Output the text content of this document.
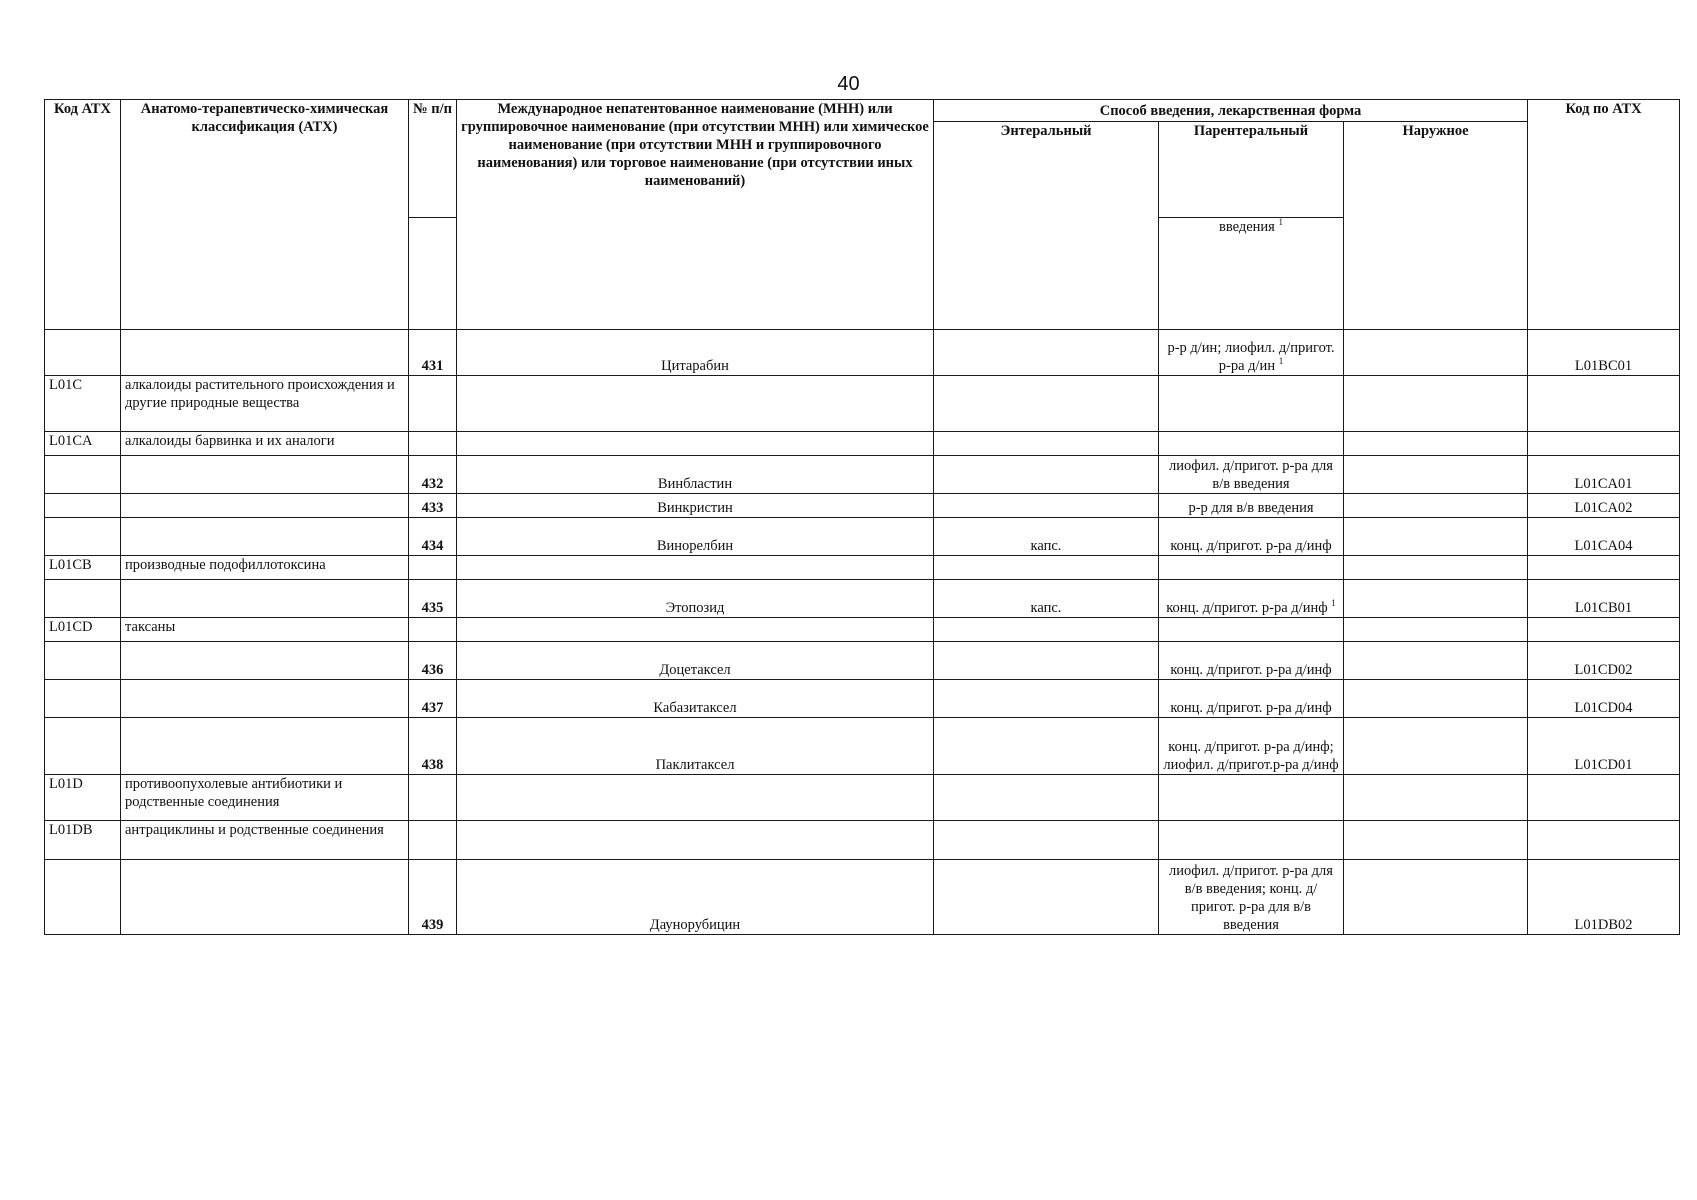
40
Код АТХ	Анатомо-терапевтическо-химическая классификация (АТХ)	№ п/п	Международное непатентованное наименование (МНН) или группировочное наименование (при отсутствии МНН) или химическое наименование (при отсутствии МНН и группировочного наименования) или торговое наименование (при отсутствии иных наименований)	Способ введения, лекарственная форма			Код по АТХ
				Энтеральный	Парентеральный	Наружное	
					введения $^1$
		431	Цитарабин		р-р д/ин; лиофил. д/пригот. р-ра д/ин $^1$		L01BC01
L01C	алкалоиды растительного происхождения и другие природные вещества						
L01CA	алкалоиды барвинка и их аналоги						
		432	Винбластин		лиофил. д/пригот. р-ра для в/в введения		L01CA01
		433	Винкристин		р-р для в/в введения		L01CA02
		434	Винорелбин	капс.	конц. д/пригот. р-ра д/инф		L01CA04
L01CB	производные подофиллотоксина						
		435	Этопозид	капс.	конц. д/пригот. р-ра д/инф $^1$		L01CB01
L01CD	таксаны						
		436	Доцетаксел		конц. д/пригот. р-ра д/инф		L01CD02
		437	Кабазитаксел		конц. д/пригот. р-ра д/инф		L01CD04
		438	Паклитаксел		конц. д/пригот. р-ра д/инф; лиофил. д/пригот.р-ра д/инф		L01CD01
L01D	противоопухолевые антибиотики и родственные соединения						
L01DB	антрациклины и родственные соединения						
		439	Даунорубицин		лиофил. д/пригот. р-ра для в/в введения; конц. д/пригот. р-ра для в/в введения		L01DB02
